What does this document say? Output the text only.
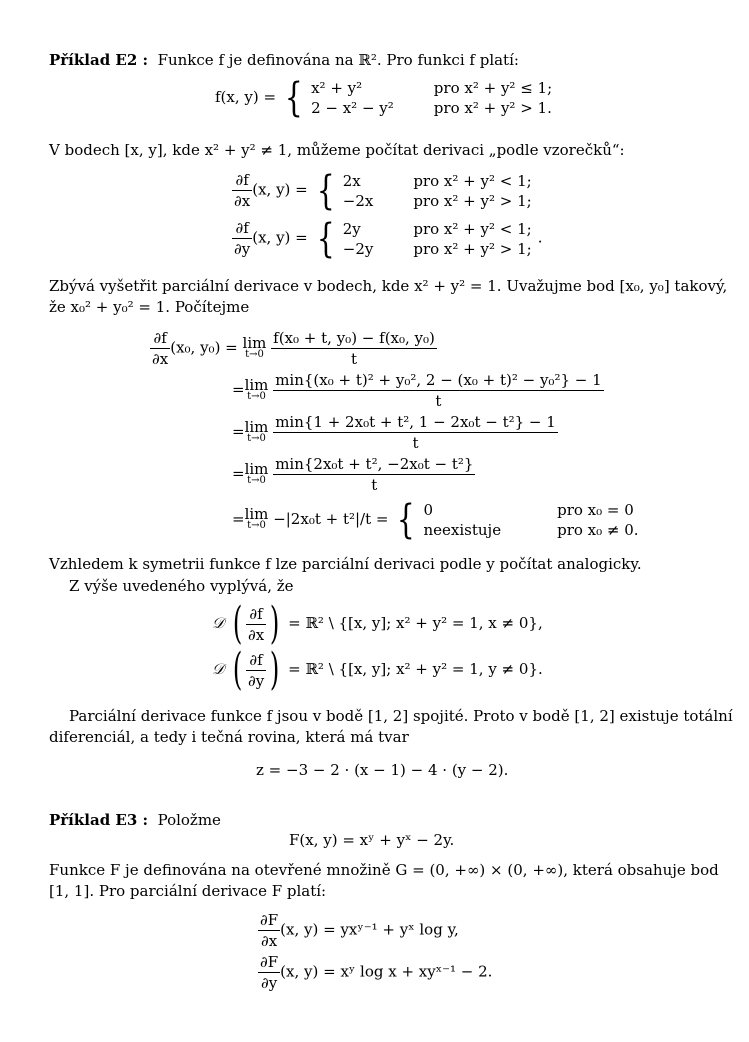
Příklad E2 : Funkce f je definována na ℝ². Pro funkci f platí:
f(x, y) = { x² + y²	pro x² + y² ≤ 1;
2 − x² − y²	pro x² + y² > 1.
V bodech [x, y], kde x² + y² ≠ 1, můžeme počítat derivaci „podle vzorečků“:
$\frac{\partial f}{\partial x} (x$, y) = { 2x	pro x² + y² < 1;
−2x	pro x² + y² > 1;
$\frac{\partial f}{\partial y} (x$, y) = { 2y	pro x² + y² < 1;
−2y	pro x² + y² > 1;
.
Zbývá vyšetřit parciální derivace v bodech, kde x² + y² = 1. Uvažujme bod [x₀, y₀] takový,
že x₀² + y₀² = 1. Počítejme
$\frac{\partial f}{\partial x} (x_0$, y₀) = lim
t→0
$\frac{\text{f(x₀ + t, y₀) − f(x₀, y₀)}}{t}$
= lim
t→0
$\frac{\text{min\{(x₀ + t)² + y₀², 2 − (x₀ + t)² − y₀²\} − 1}}{t}$
= lim
t→0
$\frac{\text{min\{1 + 2x₀t + t², 1 − 2x₀t − t²\} − 1}}{t}$
= lim
t→0
$\frac{\text{min\{2x₀t + t², −2x₀t − t²\}}}{t}$
= lim
t→0 −|2x₀t + t²|/t = { 0	pro x₀ = 0
neexistuje	pro x₀ ≠ 0.
Vzhledem k symetrii funkce f lze parciální derivaci podle y počítat analogicky.
Z výše uvedeného vyplývá, že
𝒟 ( $\frac{\partial f}{\partial x}$ ) = ℝ² \ {[x, y]; x² + y² = 1, x ≠ 0},
𝒟 ( $\frac{\partial f}{\partial y}$ ) = ℝ² \ {[x, y]; x² + y² = 1, y ≠ 0}.
Parciální derivace funkce f jsou v bodě [1, 2] spojité. Proto v bodě [1, 2] existuje totální
diferenciál, a tedy i tečná rovina, která má tvar
z = −3 − 2 · (x − 1) − 4 · (y − 2).
Příklad E3 : Položme
F(x, y) = xʸ + yˣ − 2y.
Funkce F je definována na otevřené množině G = (0, +∞) × (0, +∞), která obsahuje bod
[1, 1]. Pro parciální derivace F platí:
$\frac{\partial F}{\partial x} (x$, y) = yxʸ⁻¹ + yˣ log y,
$\frac{\partial F}{\partial y} (x$, y) = xʸ log x + xyˣ⁻¹ − 2.
